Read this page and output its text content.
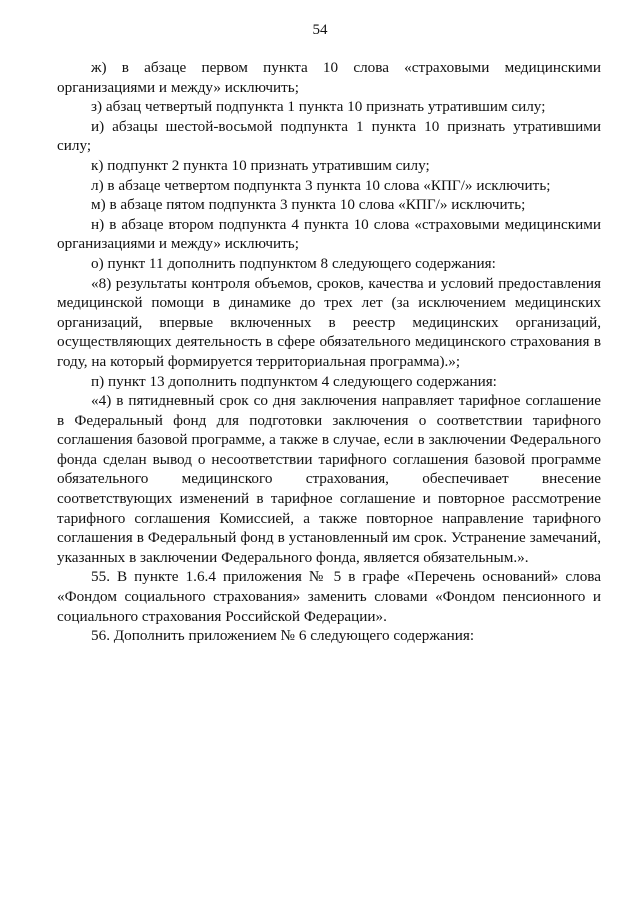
54

ж) в абзаце первом пункта 10 слова «страховыми медицинскими организациями и между» исключить;

з) абзац четвертый подпункта 1 пункта 10 признать утратившим силу;

и) абзацы шестой-восьмой подпункта 1 пункта 10 признать утратившими силу;

к) подпункт 2 пункта 10 признать утратившим силу;

л) в абзаце четвертом подпункта 3 пункта 10 слова «КПГ/» исключить;

м) в абзаце пятом подпункта 3 пункта 10 слова «КПГ/» исключить;

н) в абзаце втором подпункта 4 пункта 10 слова «страховыми медицинскими организациями и между» исключить;

о) пункт 11 дополнить подпунктом 8 следующего содержания:

«8) результаты контроля объемов, сроков, качества и условий предоставления медицинской помощи в динамике до трех лет (за исключением медицинских организаций, впервые включенных в реестр медицинских организаций, осуществляющих деятельность в сфере обязательного медицинского страхования в году, на который формируется территориальная программа).»;

п) пункт 13 дополнить подпунктом 4 следующего содержания:

«4) в пятидневный срок со дня заключения направляет тарифное соглашение в Федеральный фонд для подготовки заключения о соответствии тарифного соглашения базовой программе, а также в случае, если в заключении Федерального фонда сделан вывод о несоответствии тарифного соглашения базовой программе обязательного медицинского страхования, обеспечивает внесение соответствующих изменений в тарифное соглашение и повторное рассмотрение тарифного соглашения Комиссией, а также повторное направление тарифного соглашения в Федеральный фонд в установленный им срок. Устранение замечаний, указанных в заключении Федерального фонда, является обязательным.».

55. В пункте 1.6.4 приложения № 5 в графе «Перечень оснований» слова «Фондом социального страхования» заменить словами «Фондом пенсионного и социального страхования Российской Федерации».

56. Дополнить приложением № 6 следующего содержания:
